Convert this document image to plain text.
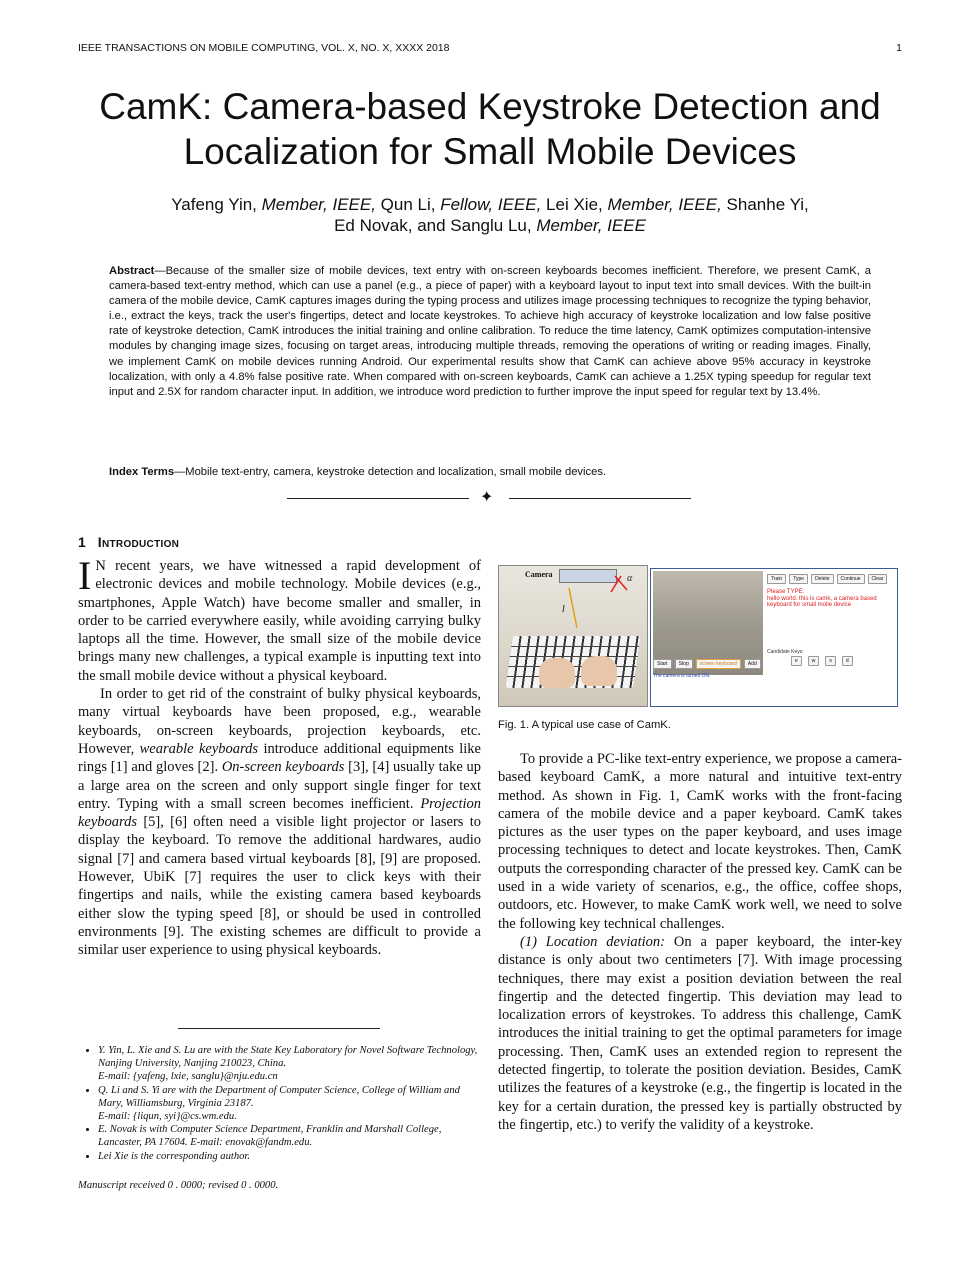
IEEE TRANSACTIONS ON MOBILE COMPUTING, VOL. X, NO. X, XXXX 2018	1
CamK: Camera-based Keystroke Detection and
Localization for Small Mobile Devices
Yafeng Yin, Member, IEEE, Qun Li, Fellow, IEEE, Lei Xie, Member, IEEE, Shanhe Yi,
Ed Novak, and Sanglu Lu, Member, IEEE
Abstract—Because of the smaller size of mobile devices, text entry with on-screen keyboards becomes inefficient. Therefore, we present CamK, a camera-based text-entry method, which can use a panel (e.g., a piece of paper) with a keyboard layout to input text into small devices. With the built-in camera of the mobile device, CamK captures images during the typing process and utilizes image processing techniques to recognize the typing behavior, i.e., extract the keys, track the user's fingertips, detect and locate keystrokes. To achieve high accuracy of keystroke localization and low false positive rate of keystroke detection, CamK introduces the initial training and online calibration. To reduce the time latency, CamK optimizes computation-intensive modules by changing image sizes, focusing on target areas, introducing multiple threads, removing the operations of writing or reading images. Finally, we implement CamK on mobile devices running Android. Our experimental results show that CamK can achieve above 95% accuracy in keystroke localization, with only a 4.8% false positive rate. When compared with on-screen keyboards, CamK can achieve a 1.25X typing speedup for regular text input and 2.5X for random character input. In addition, we introduce word prediction to further improve the input speed for regular text by 13.4%.
Index Terms—Mobile text-entry, camera, keystroke detection and localization, small mobile devices.
✦
1 Introduction

I N recent years, we have witnessed a rapid development of electronic devices and mobile technology. Mobile devices (e.g., smartphones, Apple Watch) have become smaller and smaller, in order to be carried everywhere easily, while avoiding carrying bulky laptops all the time. However, the small size of the mobile device brings many new challenges, a typical example is inputting text into the small mobile device without a physical keyboard.

In order to get rid of the constraint of bulky physical keyboards, many virtual keyboards have been proposed, e.g., wearable keyboards, on-screen keyboards, projection keyboards, etc. However, wearable keyboards introduce additional equipments like rings [1] and gloves [2]. On-screen keyboards [3], [4] usually take up a large area on the screen and only support single finger for text entry. Typing with a small screen becomes inefficient. Projection keyboards [5], [6] often need a visible light projector or lasers to display the keyboard. To remove the additional hardwares, audio signal [7] and camera based virtual keyboards [8], [9] are proposed. However, UbiK [7] requires the user to click keys with their fingertips and nails, while the existing camera based keyboards either slow the typing speed [8], or should be used in controlled environments [9]. The existing schemes are difficult to provide a similar user experience to using physical keyboards.

• Y. Yin, L. Xie and S. Lu are with the State Key Laboratory for Novel Software Technology, Nanjing University, Nanjing 210023, China.
E-mail: {yafeng, lxie, sanglu}@nju.edu.cn
• Q. Li and S. Yi are with the Department of Computer Science, College of William and Mary, Williamsburg, Virginia 23187.
E-mail: {liqun, syi}@cs.wm.edu.
• E. Novak is with Computer Science Department, Franklin and Marshall College, Lancaster, PA 17604. E-mail: enovak@fandm.edu.
• Lei Xie is the corresponding author.
Manuscript received 0 . 0000; revised 0 . 0000.
Camera	α
l
Train	Type	Delete	Continue	Clear
Please TYPE:
hello world. this is camk, a camera based keyboard for small moile device
Candidate Keys:
e	w	s	d
Start	Stop	screen keyboard	Add
The camera is turned ON.
Fig. 1. A typical use case of CamK.

To provide a PC-like text-entry experience, we propose a camera-based keyboard CamK, a more natural and intuitive text-entry method. As shown in Fig. 1, CamK works with the front-facing camera of the mobile device and a paper keyboard. CamK takes pictures as the user types on the paper keyboard, and uses image processing techniques to detect and locate keystrokes. Then, CamK outputs the corresponding character of the pressed key. CamK can be used in a wide variety of scenarios, e.g., the office, coffee shops, outdoors, etc. However, to make CamK work well, we need to solve the following key technical challenges.

(1) Location deviation: On a paper keyboard, the inter-key distance is only about two centimeters [7]. With image processing techniques, there may exist a position deviation between the real fingertip and the detected fingertip. This deviation may lead to localization errors of keystrokes. To address this challenge, CamK introduces the initial training to get the optimal parameters for image processing. Then, CamK uses an extended region to represent the detected fingertip, to tolerate the position deviation. Besides, CamK utilizes the features of a keystroke (e.g., the fingertip is located in the key for a certain duration, the pressed key is partially obstructed by the fingertip, etc.) to verify the validity of a keystroke.
